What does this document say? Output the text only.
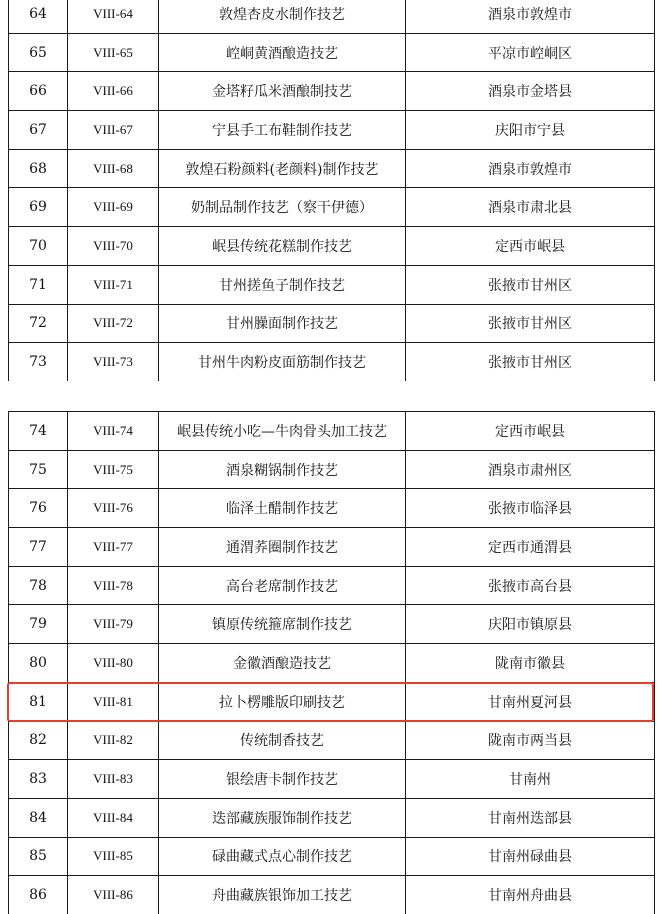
64	VIII-64	敦煌杏皮水制作技艺	酒泉市敦煌市
65	VIII-65	崆峒黄酒酿造技艺	平凉市崆峒区
66	VIII-66	金塔籽瓜米酒酿制技艺	酒泉市金塔县
67	VIII-67	宁县手工布鞋制作技艺	庆阳市宁县
68	VIII-68	敦煌石粉颜料(老颜料)制作技艺	酒泉市敦煌市
69	VIII-69	奶制品制作技艺（察干伊德）	酒泉市肃北县
70	VIII-70	岷县传统花糕制作技艺	定西市岷县
71	VIII-71	甘州搓鱼子制作技艺	张掖市甘州区
72	VIII-72	甘州臊面制作技艺	张掖市甘州区
73	VIII-73	甘州牛肉粉皮面筋制作技艺	张掖市甘州区
74	VIII-74	岷县传统小吃—牛肉骨头加工技艺	定西市岷县
75	VIII-75	酒泉糊锅制作技艺	酒泉市肃州区
76	VIII-76	临泽土醋制作技艺	张掖市临泽县
77	VIII-77	通渭荞圈制作技艺	定西市通渭县
78	VIII-78	高台老席制作技艺	张掖市高台县
79	VIII-79	镇原传统箍席制作技艺	庆阳市镇原县
80	VIII-80	金徽酒酿造技艺	陇南市徽县
81	VIII-81	拉卜楞雕版印刷技艺	甘南州夏河县
82	VIII-82	传统制香技艺	陇南市两当县
83	VIII-83	银绘唐卡制作技艺	甘南州
84	VIII-84	迭部藏族服饰制作技艺	甘南州迭部县
85	VIII-85	碌曲藏式点心制作技艺	甘南州碌曲县
86	VIII-86	舟曲藏族银饰加工技艺	甘南州舟曲县
